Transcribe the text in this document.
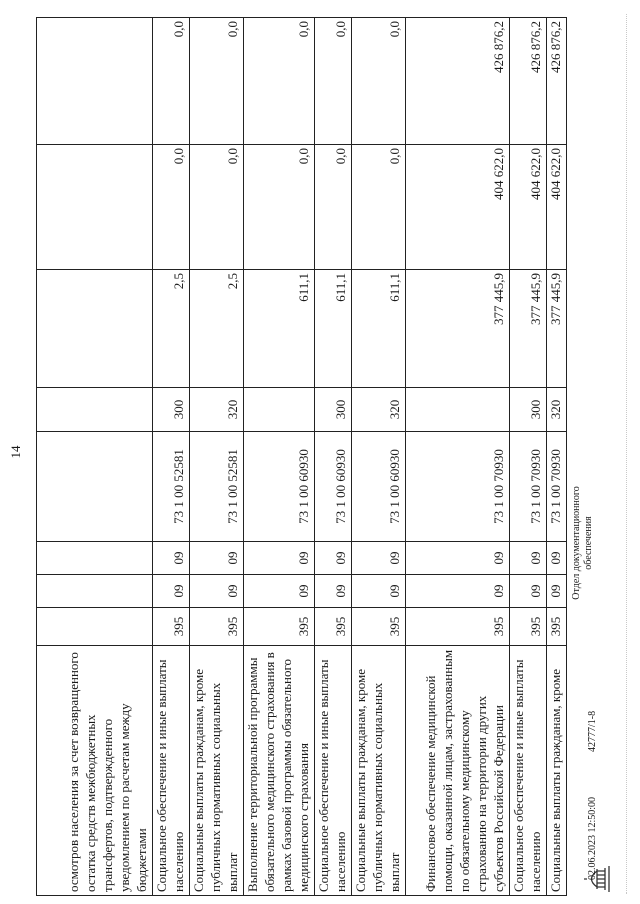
14
осмотров населения за счет возвращенного остатка средств межбюджетных трансфертов, подтвержденного уведомлением по расчетам между бюджетами								
Социальное обеспечение и иные выплаты населению	395	09	09	73 1 00 52581	300	2,5	0,0	0,0
Социальные выплаты гражданам, кроме публичных нормативных социальных выплат	395	09	09	73 1 00 52581	320	2,5	0,0	0,0
Выполнение территориальной программы обязательного медицинского страхования в рамках базовой программы обязательного медицинского страхования	395	09	09	73 1 00 60930		611,1	0,0	0,0
Социальное обеспечение и иные выплаты населению	395	09	09	73 1 00 60930	300	611,1	0,0	0,0
Социальные выплаты гражданам, кроме публичных нормативных социальных выплат	395	09	09	73 1 00 60930	320	611,1	0,0	0,0
Финансовое обеспечение медицинской помощи, оказанной лицам, застрахованным по обязательному медицинскому страхованию на территории других субъектов Российской Федерации	395	09	09	73 1 00 70930		377 445,9	404 622,0	426 876,2
Социальное обеспечение и иные выплаты населению	395	09	09	73 1 00 70930	300	377 445,9	404 622,0	426 876,2
Социальные выплаты гражданам, кроме	395	09	09	73 1 00 70930	320	377 445,9	404 622,0	426 876,2
02.06.2023 12:50:00
42777/1-8
Отдел документационного обеспечения
